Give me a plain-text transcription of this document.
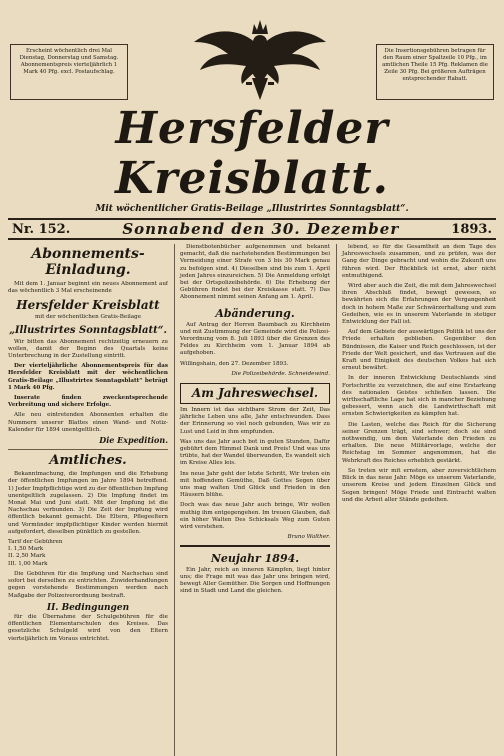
Erscheint wöchentlich drei Mal Dienstag, Donnerstag und Samstag. Abonnementspreis vierteljährlich 1 Mark 40 Pfg. excl. Postaufschlag.
Die Insertionsgebühren betragen für den Raum einer Spaltzeile 10 Pfg., im amtlichen Theile 15 Pfg. Reklamen die Zeile 30 Pfg. Bei größeren Aufträgen entsprechender Rabatt.
Hersfelder Kreisblatt.
Mit wöchentlicher Gratis-Beilage „Illustrirtes Sonntagsblatt“.
Nr. 152.	Sonnabend den 30. Dezember	1893.
Abonnements-Einladung.

Mit dem 1. Januar beginnt ein neues Abonnement auf das wöchentlich 3 Mal erscheinende

Hersfelder Kreisblatt

mit der wöchentlichen Gratis-Beilage

„Illustrirtes Sonntagsblatt“.

Wir bitten das Abonnement rechtzeitig erneuern zu wollen, damit der Beginn des Quartals keine Unterbrechung in der Zustellung eintritt.

Der vierteljährliche Abonnementspreis für das Hersfelder Kreisblatt mit der wöchentlichen Gratis-Beilage „Illustrirtes Sonntagsblatt“ beträgt 1 Mark 40 Pfg.

Inserate finden zweckentsprechende Verbreitung und sichere Erfolge.

Alle neu eintretenden Abonnenten erhalten die Nummern unserer Blattes einen Wand- und Notiz-Kalender für 1894 unentgeltlich.

Die Expedition.
Amtliches.

Bekanntmachung, die Impfungen und die Erhebung der öffentlichen Impfungen im Jahre 1894 betreffend. 1) Jeder Impfpflichtige wird zu der öffentlichen Impfung unentgeltlich zugelassen. 2) Die Impfung findet im Monat Mai und Juni statt. Mit der Impfung ist die Nachschau verbunden. 3) Die Zeit der Impfung wird öffentlich bekannt gemacht. Die Eltern, Pflegeeltern und Vormünder impfpflichtiger Kinder werden hiermit aufgefordert, dieselben pünktlich zu gestellen.

Tarif der Gebühren
I. 1,50 Mark
II. 2,50 Mark
III. 1,00 Mark

Die Gebühren für die Impfung und Nachschau sind sofort bei derselben zu entrichten. Zuwiderhandlungen gegen vorstehende Bestimmungen werden nach Maßgabe der Polizeiverordnung bestraft.

II. Bedingungen

für die Übernahme der Schulgebühren für die öffentlichen Elementarschulen des Kreises. Das gesetzliche Schulgeld wird von den Eltern vierteljährlich im Voraus entrichtet.

Dienstbotenbücher aufgenommen und bekannt gemacht, daß die nachstehenden Bestimmungen bei Vermeidung einer Strafe von 3 bis 30 Mark genau zu befolgen sind. 4) Dieselben sind bis zum 1. April jeden Jahres einzureichen. 5) Die Anmeldung erfolgt bei der Ortspolizeibehörde. 6) Die Erhebung der Gebühren findet bei der Kreiskasse statt. 7) Das Abonnement nimmt seinen Anfang am 1. April.

Abänderung.

Auf Antrag der Herren Baumbach zu Kirchheim und mit Zustimmung der Gemeinde wird die Polizei-Verordnung vom 8. Juli 1893 über die Grenzen des Feldes zu Kirchheim vom 1. Januar 1894 ab aufgehoben.

Willingshain, den 27. Dezember 1893.

Die Polizeibehörde. Schneidewind.
Am Jahreswechsel.

Im Innern ist das sichtbare Strom der Zeit, Das jährliche Leben uns alle, Jahr entschwunden. Dass der Erinnerung so viel noch gebunden, Was wir zu Lust und Leid in ihm empfunden.

Was uns das Jahr auch bot in guten Stunden, Dafür gebührt dem Himmel Dank und Preis! Und was uns trübte, hat der Wandel überwunden, Es wandelt sich im Kreise Alles leis.

Ins neue Jahr geht der letzte Schritt, Wir treten ein mit hoffendem Gemüthe, Daß Gottes Segen über uns mag walten Und Glück und Frieden in den Häusern blühe.

Doch was das neue Jahr auch bringe, Wir wollen muthig ihm entgegengehen. Im treuen Glauben, daß ein höher Walten Des Schicksals Weg zum Guten wird verstehen.

Bruno Walther.
Neujahr 1894.

Ein Jahr, reich an inneren Kämpfen, liegt hinter uns; die Frage mit was das Jahr uns bringen wird, bewegt Aller Gemüther. Die Sorgen und Hoffnungen sind in Stadt und Land die gleichen.

lebend, so für die Gesamtheit an dem Tage des Jahreswechsels zusammen, und zu prüfen, was der Gang der Dinge gebracht und wohin die Zukunft uns führen wird. Der Rückblick ist ernst, aber nicht entmuthigend.

Wird aber auch die Zeit, die mit dem Jahreswechsel ihren Abschluß findet, bewegt gewesen, so bewährten sich die Erfahrungen der Vergangenheit doch in hohem Maße zur Schwärzerhaltung und zum Gedeihen, wie es in unserem Vaterlande in stetiger Entwicklung der Fall ist.

Auf dem Gebiete der auswärtigen Politik ist uns der Friede erhalten geblieben. Gegenüber den Bündnissen, die Kaiser und Reich geschlossen, ist der Friede der Welt gesichert, und das Vertrauen auf die Kraft und Einigkeit des deutschen Volkes hat sich erneut bewährt.

In der inneren Entwicklung Deutschlands sind Fortschritte zu verzeichnen, die auf eine Erstarkung des nationalen Geistes schließen lassen. Die wirthschaftliche Lage hat sich in mancher Beziehung gebessert, wenn auch die Landwirthschaft mit ernsten Schwierigkeiten zu kämpfen hat.

Die Lasten, welche das Reich für die Sicherung seiner Grenzen trägt, sind schwer; doch sie sind nothwendig, um dem Vaterlande den Frieden zu erhalten. Die neue Militärvorlage, welche der Reichstag im Sommer angenommen, hat die Wehrkraft des Reiches erheblich gestärkt.

So treten wir mit ernstem, aber zuversichtlichem Blick in das neue Jahr. Möge es unserem Vaterlande, unserem Kreise und jedem Einzelnen Glück und Segen bringen! Möge Friede und Eintracht walten und die Arbeit aller Stände gedeihen.
